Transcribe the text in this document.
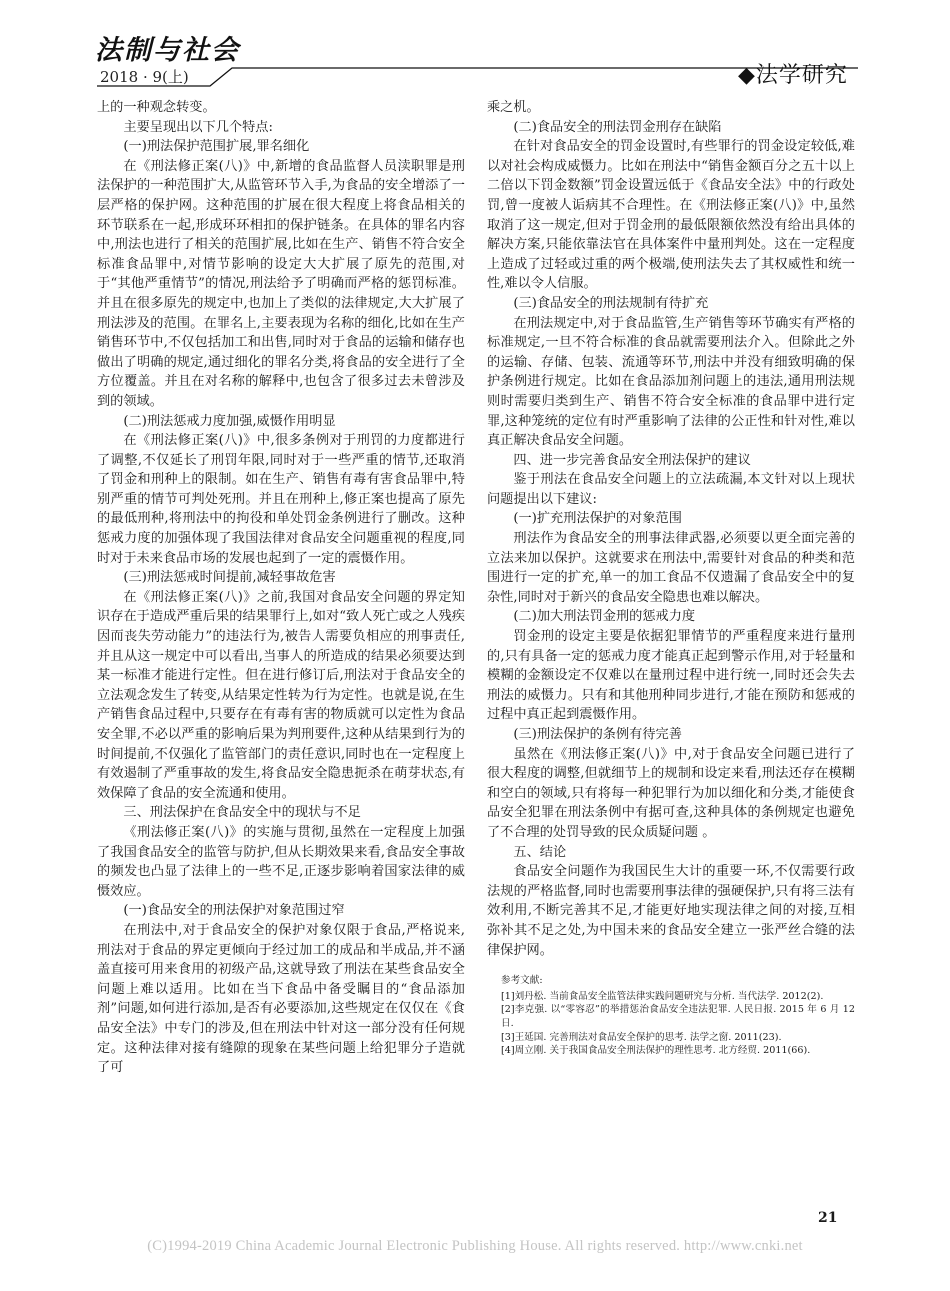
法制与社会
2018 · 9(上)	◆法学研究

上的一种观念转变。

主要呈现出以下几个特点:

(一)刑法保护范围扩展,罪名细化

在《刑法修正案(八)》中,新增的食品监督人员渎职罪是刑法保护的一种范围扩大,从监管环节入手,为食品的安全增添了一层严格的保护网。这种范围的扩展在很大程度上将食品相关的环节联系在一起,形成环环相扣的保护链条。在具体的罪名内容中,刑法也进行了相关的范围扩展,比如在生产、销售不符合安全标准食品罪中,对情节影响的设定大大扩展了原先的范围,对于“其他严重情节”的情况,刑法给予了明确而严格的惩罚标准。并且在很多原先的规定中,也加上了类似的法律规定,大大扩展了刑法涉及的范围。在罪名上,主要表现为名称的细化,比如在生产销售环节中,不仅包括加工和出售,同时对于食品的运输和储存也做出了明确的规定,通过细化的罪名分类,将食品的安全进行了全方位覆盖。并且在对名称的解释中,也包含了很多过去未曾涉及到的领域。

(二)刑法惩戒力度加强,威慑作用明显

在《刑法修正案(八)》中,很多条例对于刑罚的力度都进行了调整,不仅延长了刑罚年限,同时对于一些严重的情节,还取消了罚金和刑种上的限制。如在生产、销售有毒有害食品罪中,特别严重的情节可判处死刑。并且在刑种上,修正案也提高了原先的最低刑种,将刑法中的拘役和单处罚金条例进行了删改。这种惩戒力度的加强体现了我国法律对食品安全问题重视的程度,同时对于未来食品市场的发展也起到了一定的震慑作用。

(三)刑法惩戒时间提前,减轻事故危害

在《刑法修正案(八)》之前,我国对食品安全问题的界定知识存在于造成严重后果的结果罪行上,如对“致人死亡或之人残疾因而丧失劳动能力”的违法行为,被告人需要负相应的刑事责任,并且从这一规定中可以看出,当事人的所造成的结果必须要达到某一标准才能进行定性。但在进行修订后,刑法对于食品安全的立法观念发生了转变,从结果定性转为行为定性。也就是说,在生产销售食品过程中,只要存在有毒有害的物质就可以定性为食品安全罪,不必以严重的影响后果为判刑要件,这种从结果到行为的时间提前,不仅强化了监管部门的责任意识,同时也在一定程度上有效遏制了严重事故的发生,将食品安全隐患扼杀在萌芽状态,有效保障了食品的安全流通和使用。

三、刑法保护在食品安全中的现状与不足

《刑法修正案(八)》的实施与贯彻,虽然在一定程度上加强了我国食品安全的监管与防护,但从长期效果来看,食品安全事故的频发也凸显了法律上的一些不足,正逐步影响着国家法律的威慑效应。

(一)食品安全的刑法保护对象范围过窄

在刑法中,对于食品安全的保护对象仅限于食品,严格说来,刑法对于食品的界定更倾向于经过加工的成品和半成品,并不涵盖直接可用来食用的初级产品,这就导致了刑法在某些食品安全问题上难以适用。比如在当下食品中备受瞩目的“食品添加剂”问题,如何进行添加,是否有必要添加,这些规定在仅仅在《食品安全法》中专门的涉及,但在刑法中针对这一部分没有任何规定。这种法律对接有缝隙的现象在某些问题上给犯罪分子造就了可

乘之机。

(二)食品安全的刑法罚金刑存在缺陷

在针对食品安全的罚金设置时,有些罪行的罚金设定较低,难以对社会构成威慑力。比如在刑法中“销售金额百分之五十以上二倍以下罚金数额”罚金设置远低于《食品安全法》中的行政处罚,曾一度被人诟病其不合理性。在《刑法修正案(八)》中,虽然取消了这一规定,但对于罚金刑的最低限额依然没有给出具体的解决方案,只能依靠法官在具体案件中量刑判处。这在一定程度上造成了过轻或过重的两个极端,使刑法失去了其权威性和统一性,难以令人信服。

(三)食品安全的刑法规制有待扩充

在刑法规定中,对于食品监管,生产销售等环节确实有严格的标准规定,一旦不符合标准的食品就需要刑法介入。但除此之外的运输、存储、包装、流通等环节,刑法中并没有细致明确的保护条例进行规定。比如在食品添加剂问题上的违法,通用刑法规则时需要归类到生产、销售不符合安全标准的食品罪中进行定罪,这种笼统的定位有时严重影响了法律的公正性和针对性,难以真正解决食品安全问题。

四、进一步完善食品安全刑法保护的建议

鉴于刑法在食品安全问题上的立法疏漏,本文针对以上现状问题提出以下建议:

(一)扩充刑法保护的对象范围

刑法作为食品安全的刑事法律武器,必须要以更全面完善的立法来加以保护。这就要求在刑法中,需要针对食品的种类和范围进行一定的扩充,单一的加工食品不仅遗漏了食品安全中的复杂性,同时对于新兴的食品安全隐患也难以解决。

(二)加大刑法罚金刑的惩戒力度

罚金刑的设定主要是依据犯罪情节的严重程度来进行量刑的,只有具备一定的惩戒力度才能真正起到警示作用,对于轻量和模糊的金额设定不仅难以在量刑过程中进行统一,同时还会失去刑法的威慑力。只有和其他刑种同步进行,才能在预防和惩戒的过程中真正起到震慑作用。

(三)刑法保护的条例有待完善

虽然在《刑法修正案(八)》中,对于食品安全问题已进行了很大程度的调整,但就细节上的规制和设定来看,刑法还存在模糊和空白的领域,只有将每一种犯罪行为加以细化和分类,才能使食品安全犯罪在刑法条例中有据可查,这种具体的条例规定也避免了不合理的处罚导致的民众质疑问题 。

五、结论

食品安全问题作为我国民生大计的重要一环,不仅需要行政法规的严格监督,同时也需要刑事法律的强硬保护,只有将三法有效利用,不断完善其不足,才能更好地实现法律之间的对接,互相弥补其不足之处,为中国未来的食品安全建立一张严丝合缝的法律保护网。

参考文献:

[1]刘丹松. 当前食品安全监管法律实践问题研究与分析. 当代法学. 2012(2).

[2]李克强. 以“零容忍”的举措惩治食品安全违法犯罪. 人民日报. 2015 年 6 月 12 日.

[3]王延国. 完善刑法对食品安全保护的思考. 法学之窗. 2011(23).

[4]周立刚. 关于我国食品安全刑法保护的理性思考. 北方经贸. 2011(66).

21
(C)1994-2019 China Academic Journal Electronic Publishing House. All rights reserved. http://www.cnki.net
